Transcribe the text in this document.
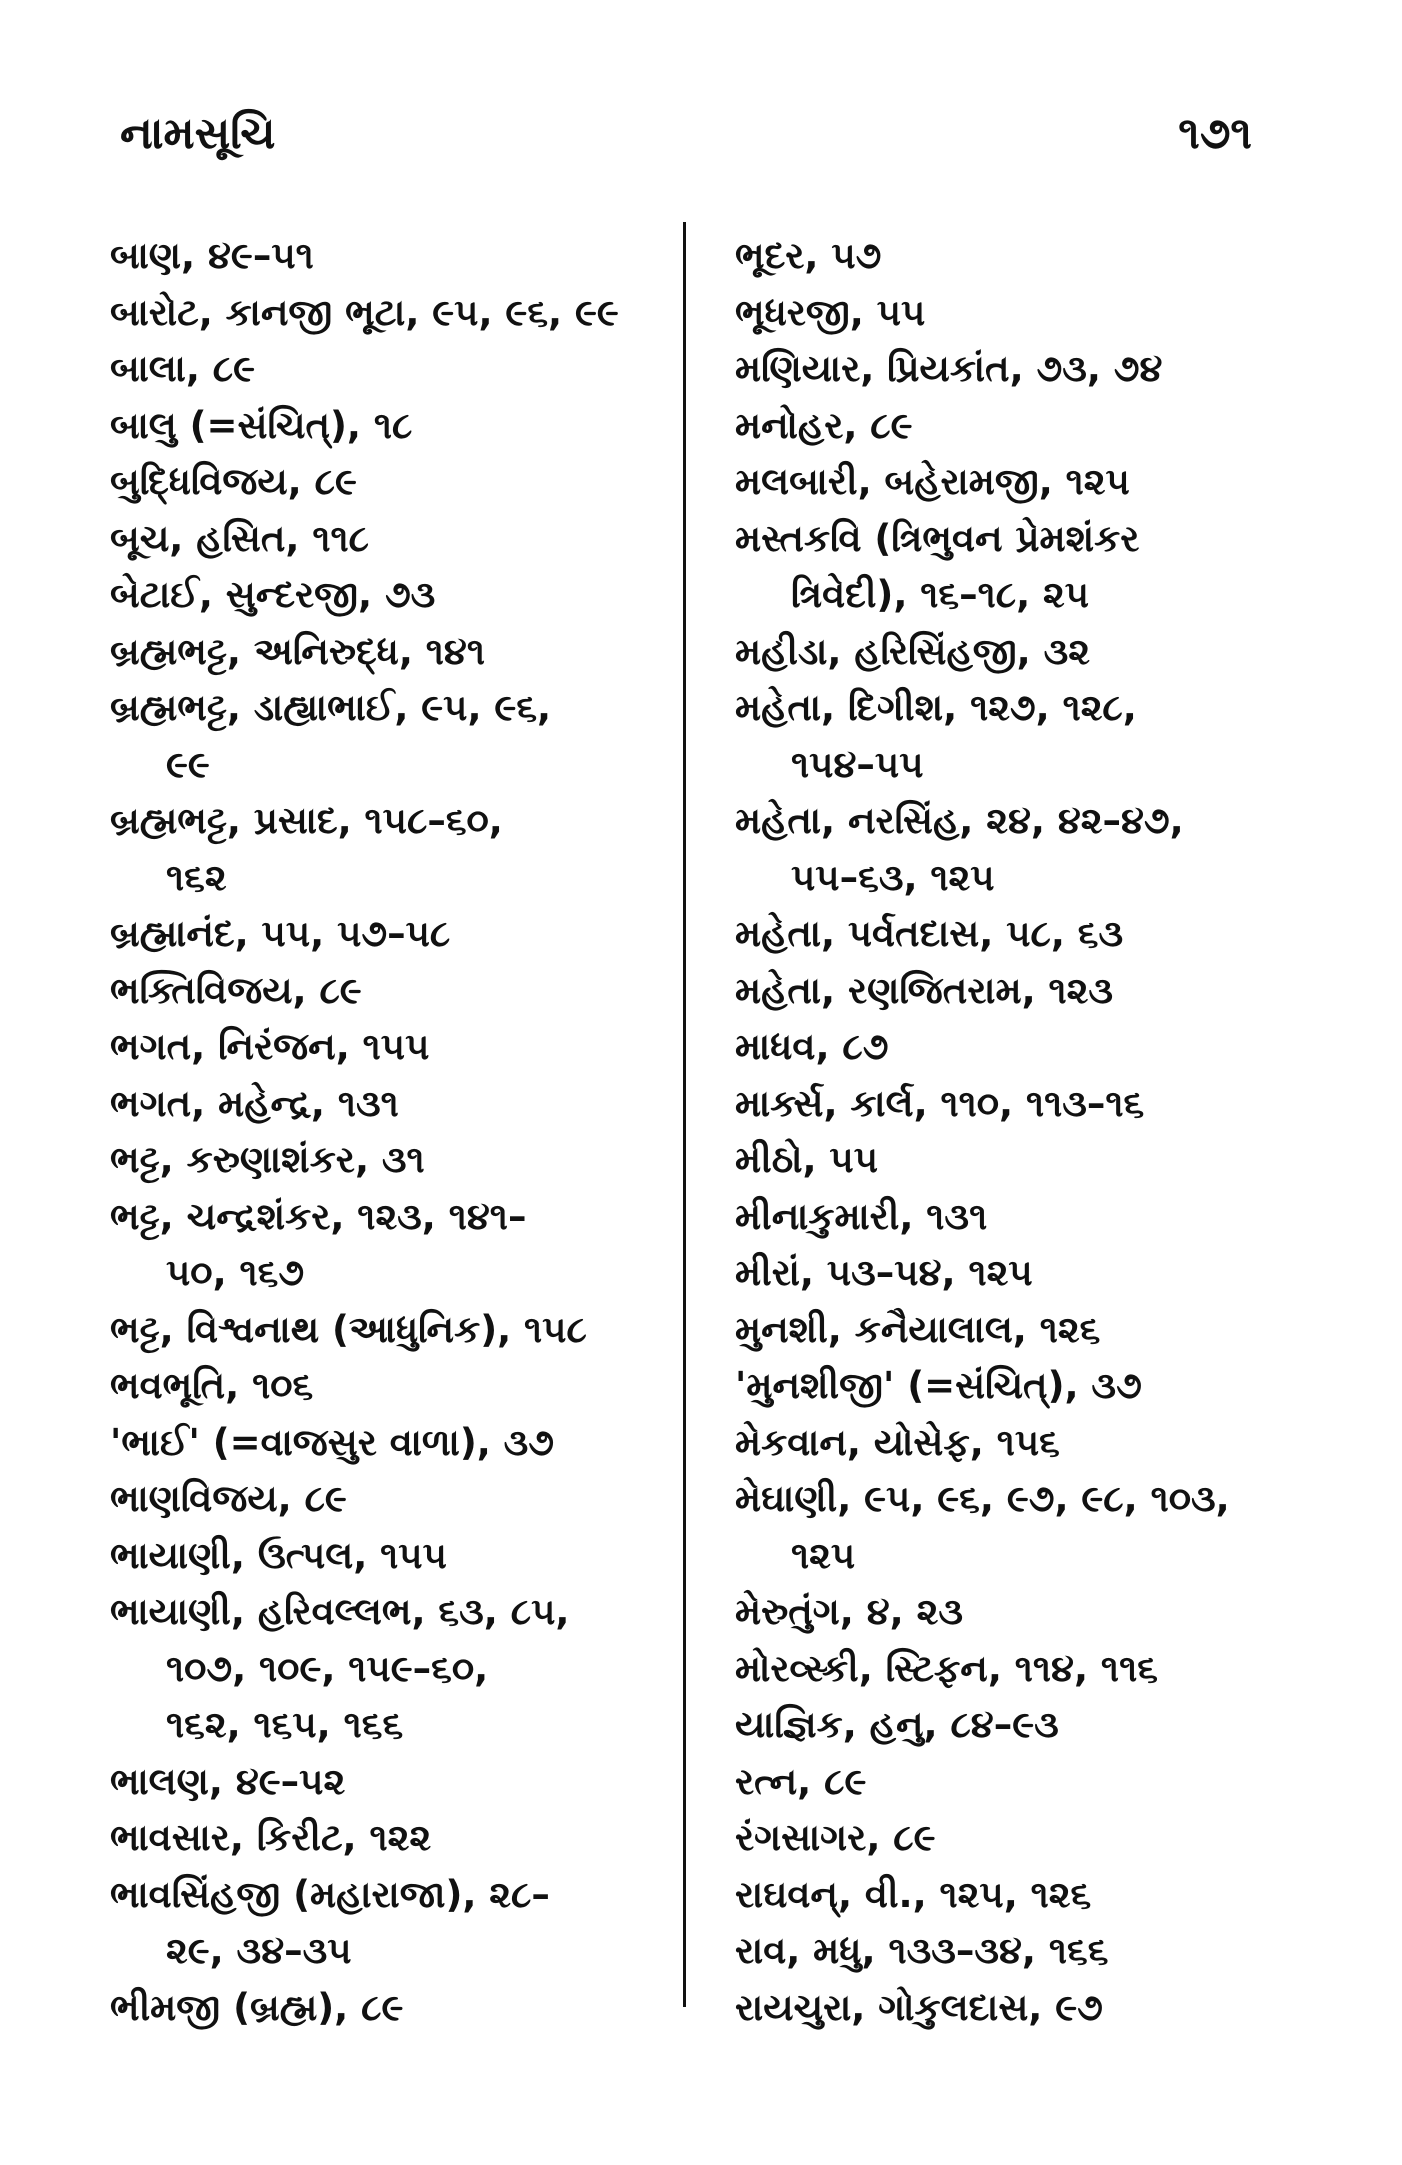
નામસૂચિ	૧૭૧
બાણ, ૪૯–૫૧
બારોટ, કાનજી ભૂટા, ૯૫, ૯૬, ૯૯
બાલા, ૮૯
બાલુ (=સંચિત્), ૧૮
બુદ્ધિવિજય, ૮૯
બૂચ, હસિત, ૧૧૮
બેટાઈ, સુન્દરજી, ૭૩
બ્રહ્મભટ્ટ, અનિરુદ્ધ, ૧૪૧
બ્રહ્મભટ્ટ, ડાહ્યાભાઈ, ૯૫, ૯૬,
૯૯
બ્રહ્મભટ્ટ, પ્રસાદ, ૧૫૮–૬૦,
૧૬૨
બ્રહ્માનંદ, ૫૫, ૫૭–૫૮
ભક્તિવિજય, ૮૯
ભગત, નિરંજન, ૧૫૫
ભગત, મહેન્દ્ર, ૧૩૧
ભટ્ટ, કરુણાશંકર, ૩૧
ભટ્ટ, ચન્દ્રશંકર, ૧૨૩, ૧૪૧–
૫૦, ૧૬૭
ભટ્ટ, વિશ્વનાથ (આધુનિક), ૧૫૮
ભવભૂતિ, ૧૦૬
'ભાઈ' (=વાજસુર વાળા), ૩૭
ભાણવિજય, ૮૯
ભાયાણી, ઉત્પલ, ૧૫૫
ભાયાણી, હરિવલ્લભ, ૬૩, ૮૫,
૧૦૭, ૧૦૯, ૧૫૯–૬૦,
૧૬૨, ૧૬૫, ૧૬૬
ભાલણ, ૪૯–૫૨
ભાવસાર, કિરીટ, ૧૨૨
ભાવસિંહજી (મહારાજા), ૨૮–
૨૯, ૩૪–૩૫
ભીમજી (બ્રહ્મ), ૮૯
ભૂદર, ૫૭
ભૂધરજી, ૫૫
મણિયાર, પ્રિયકાંત, ૭૩, ૭૪
મનોહર, ૮૯
મલબારી, બહેરામજી, ૧૨૫
મસ્તકવિ (ત્રિભુવન પ્રેમશંકર
ત્રિવેદી), ૧૬–૧૮, ૨૫
મહીડા, હરિસિંહજી, ૩૨
મહેતા, દિગીશ, ૧૨૭, ૧૨૮,
૧૫૪–૫૫
મહેતા, નરસિંહ, ૨૪, ૪૨–૪૭,
૫૫–૬૩, ૧૨૫
મહેતા, પર્વતદાસ, ૫૮, ૬૩
મહેતા, રણજિતરામ, ૧૨૩
માધવ, ૮૭
માર્ક્સ, કાર્લ, ૧૧૦, ૧૧૩–૧૬
મીઠો, ૫૫
મીનાકુમારી, ૧૩૧
મીરાં, ૫૩–૫૪, ૧૨૫
મુનશી, કનૈયાલાલ, ૧૨૬
'મુનશીજી' (=સંચિત્), ૩૭
મેકવાન, યોસેફ, ૧૫૬
મેઘાણી, ૯૫, ૯૬, ૯૭, ૯૮, ૧૦૩,
૧૨૫
મેરુતુંગ, ૪, ૨૩
મોરવ્સ્કી, સ્ટિફન, ૧૧૪, ૧૧૬
યાજ્ઞિક, હનુ, ૮૪–૯૩
રત્ન, ૮૯
રંગસાગર, ૮૯
રાઘવન્, વી., ૧૨૫, ૧૨૬
રાવ, મધુ, ૧૩૩–૩૪, ૧૬૬
રાયચુરા, ગોકુલદાસ, ૯૭
